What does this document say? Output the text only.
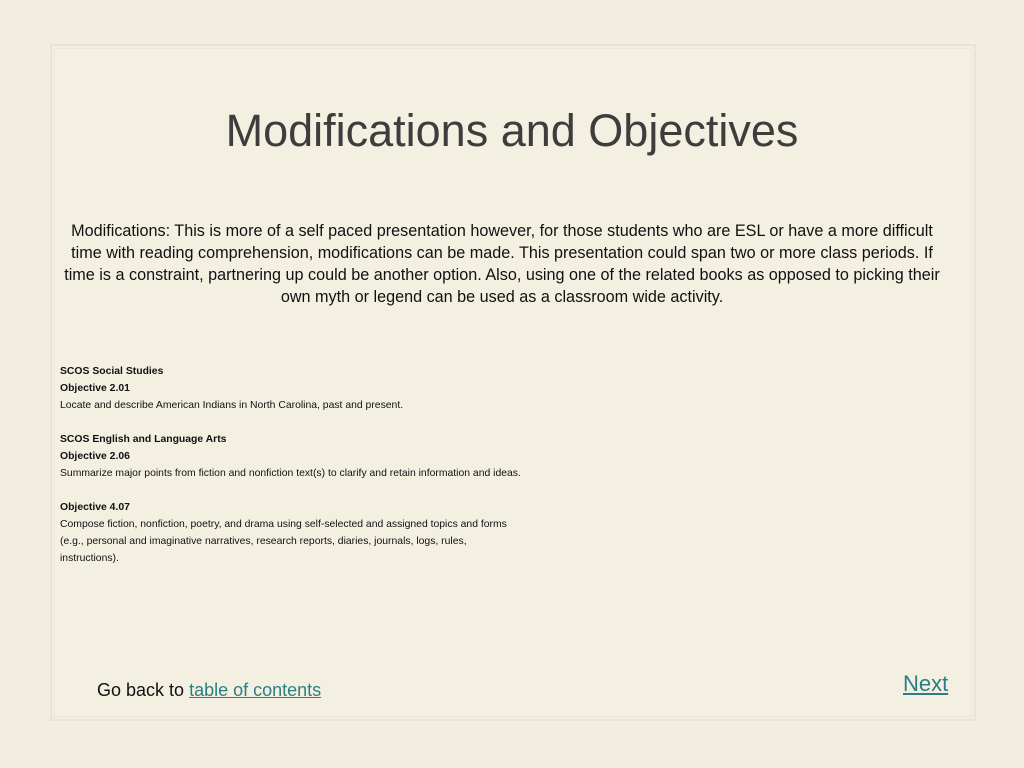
Modifications and Objectives

Modifications: This is more of a self paced presentation however, for those students who are ESL or have a more difficult time with reading comprehension, modifications can be made. This presentation could span two or more class periods. If time is a constraint, partnering up could be another option. Also, using one of the related books as opposed to picking their own myth or legend can be used as a classroom wide activity.

SCOS Social Studies
Objective 2.01
Locate and describe American Indians in North Carolina, past and present.
SCOS English and Language Arts
Objective 2.06
Summarize major points from fiction and nonfiction text(s) to clarify and retain information and ideas.
Objective 4.07
Compose fiction, nonfiction, poetry, and drama using self-selected and assigned topics and forms
(e.g., personal and imaginative narratives, research reports, diaries, journals, logs, rules,
instructions).
Go back to table of contents	Next
